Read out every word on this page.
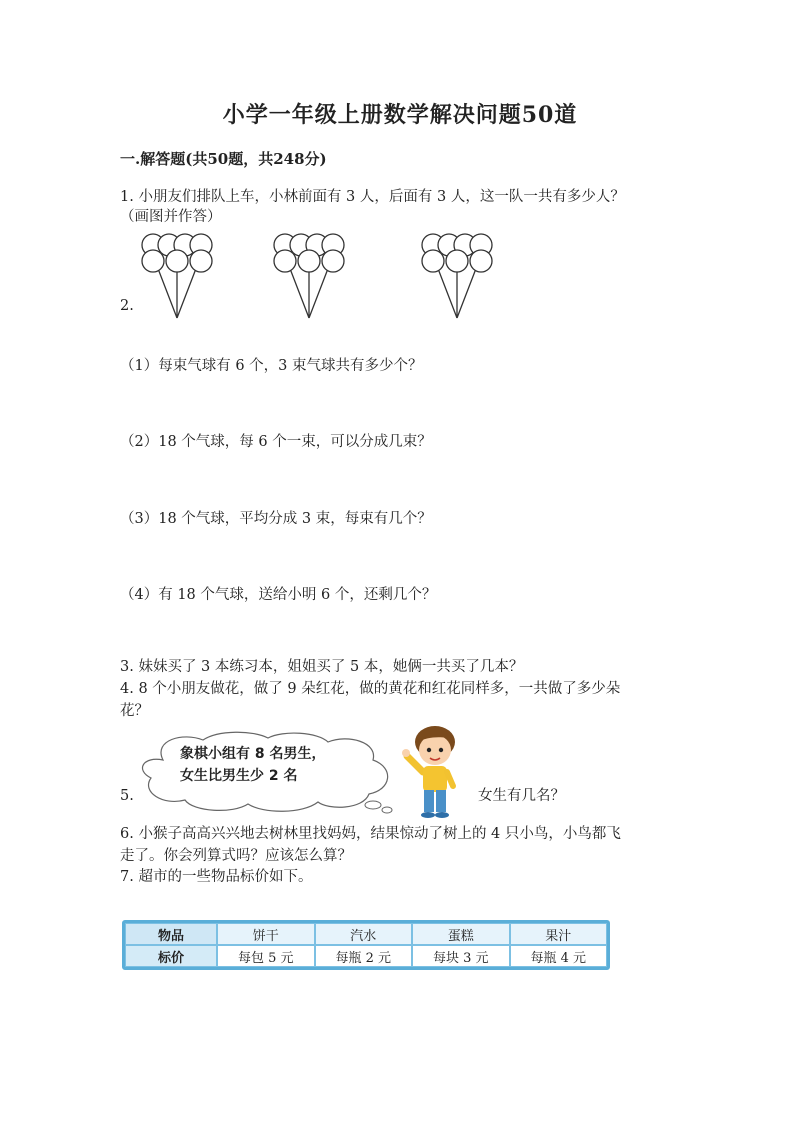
小学一年级上册数学解决问题50道
一.解答题(共50题，共248分)
1. 小朋友们排队上车，小林前面有 3 人，后面有 3 人，这一队一共有多少人？
（画图并作答）
2.
（1）每束气球有 6 个，3 束气球共有多少个？
（2）18 个气球，每 6 个一束，可以分成几束？
（3）18 个气球，平均分成 3 束，每束有几个？
（4）有 18 个气球，送给小明 6 个，还剩几个？
3. 妹妹买了 3 本练习本，姐姐买了 5 本，她俩一共买了几本？
4. 8 个小朋友做花，做了 9 朵红花，做的黄花和红花同样多，一共做了多少朵
花？
象棋小组有 8 名男生，
女生比男生少 2 名
5.	女生有几名？
6. 小猴子高高兴兴地去树林里找妈妈，结果惊动了树上的 4 只小鸟，小鸟都飞
走了。你会列算式吗？应该怎么算？
7. 超市的一些物品标价如下。
物品	饼干	汽水	蛋糕	果汁
标价	每包 5 元	每瓶 2 元	每块 3 元	每瓶 4 元
